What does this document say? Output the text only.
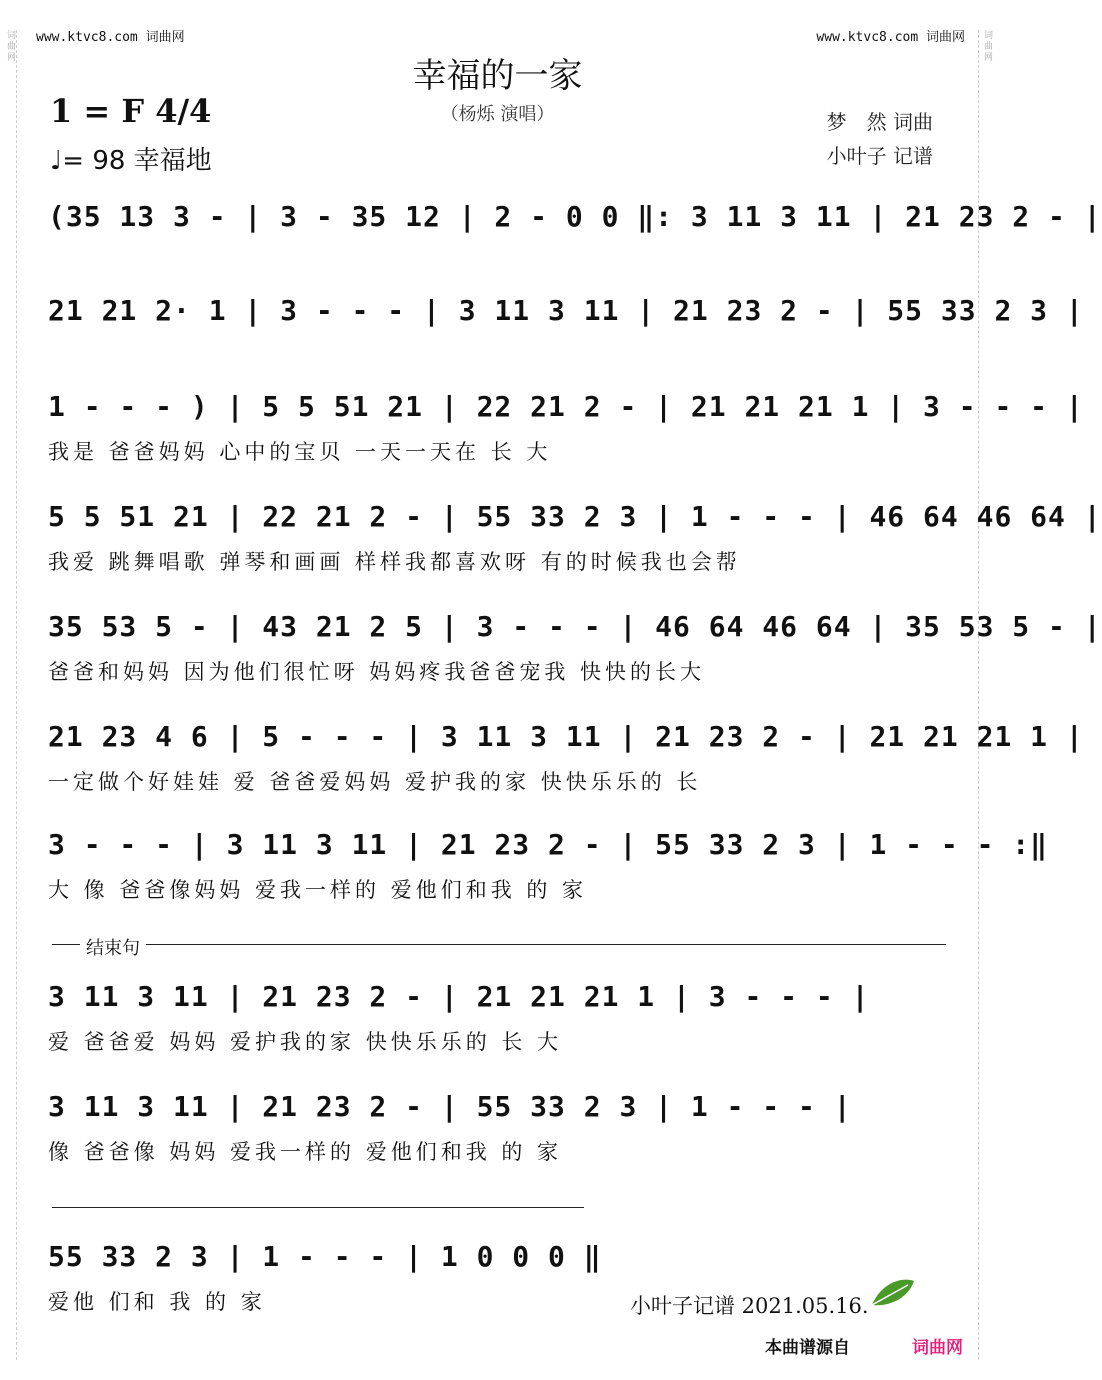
词曲网	词曲网
www.ktvc8.com 词曲网	www.ktvc8.com 词曲网
幸福的一家
（杨烁 演唱）
1 = F 4/4
♩= 98 幸福地
梦　然 词曲
小叶子 记谱
(35 13 3 - | 3 - 35 12 | 2 - 0 0 ‖: 3 11 3 11 | 21 23 2 - |
21 21 2· 1 | 3 - - - | 3 11 3 11 | 21 23 2 - | 55 33 2 3 |
1 - - - ) | 5 5 51 21 | 22 21 2 - | 21 21 21 1 | 3 - - - |
我是 爸爸妈妈 心中的宝贝 一天一天在 长 大
5 5 51 21 | 22 21 2 - | 55 33 2 3 | 1 - - - | 46 64 46 64 |
我爱 跳舞唱歌 弹琴和画画 样样我都喜欢呀 有的时候我也会帮
35 53 5 - | 43 21 2 5 | 3 - - - | 46 64 46 64 | 35 53 5 - |
爸爸和妈妈 因为他们很忙呀 妈妈疼我爸爸宠我 快快的长大
21 23 4 6 | 5 - - - | 3 11 3 11 | 21 23 2 - | 21 21 21 1 |
一定做个好娃娃 爱 爸爸爱妈妈 爱护我的家 快快乐乐的 长
3 - - - | 3 11 3 11 | 21 23 2 - | 55 33 2 3 | 1 - - - :‖
大 像 爸爸像妈妈 爱我一样的 爱他们和我 的 家
结束句
3 11 3 11 | 21 23 2 - | 21 21 21 1 | 3 - - - |
爱 爸爸爱 妈妈 爱护我的家 快快乐乐的 长 大
3 11 3 11 | 21 23 2 - | 55 33 2 3 | 1 - - - |
像 爸爸像 妈妈 爱我一样的 爱他们和我 的 家
55 33 2 3 | 1 - - - | 1 0 0 0 ‖
爱他 们和 我 的 家	小叶子记谱 2021.05.16.
本曲谱源自	词曲网
